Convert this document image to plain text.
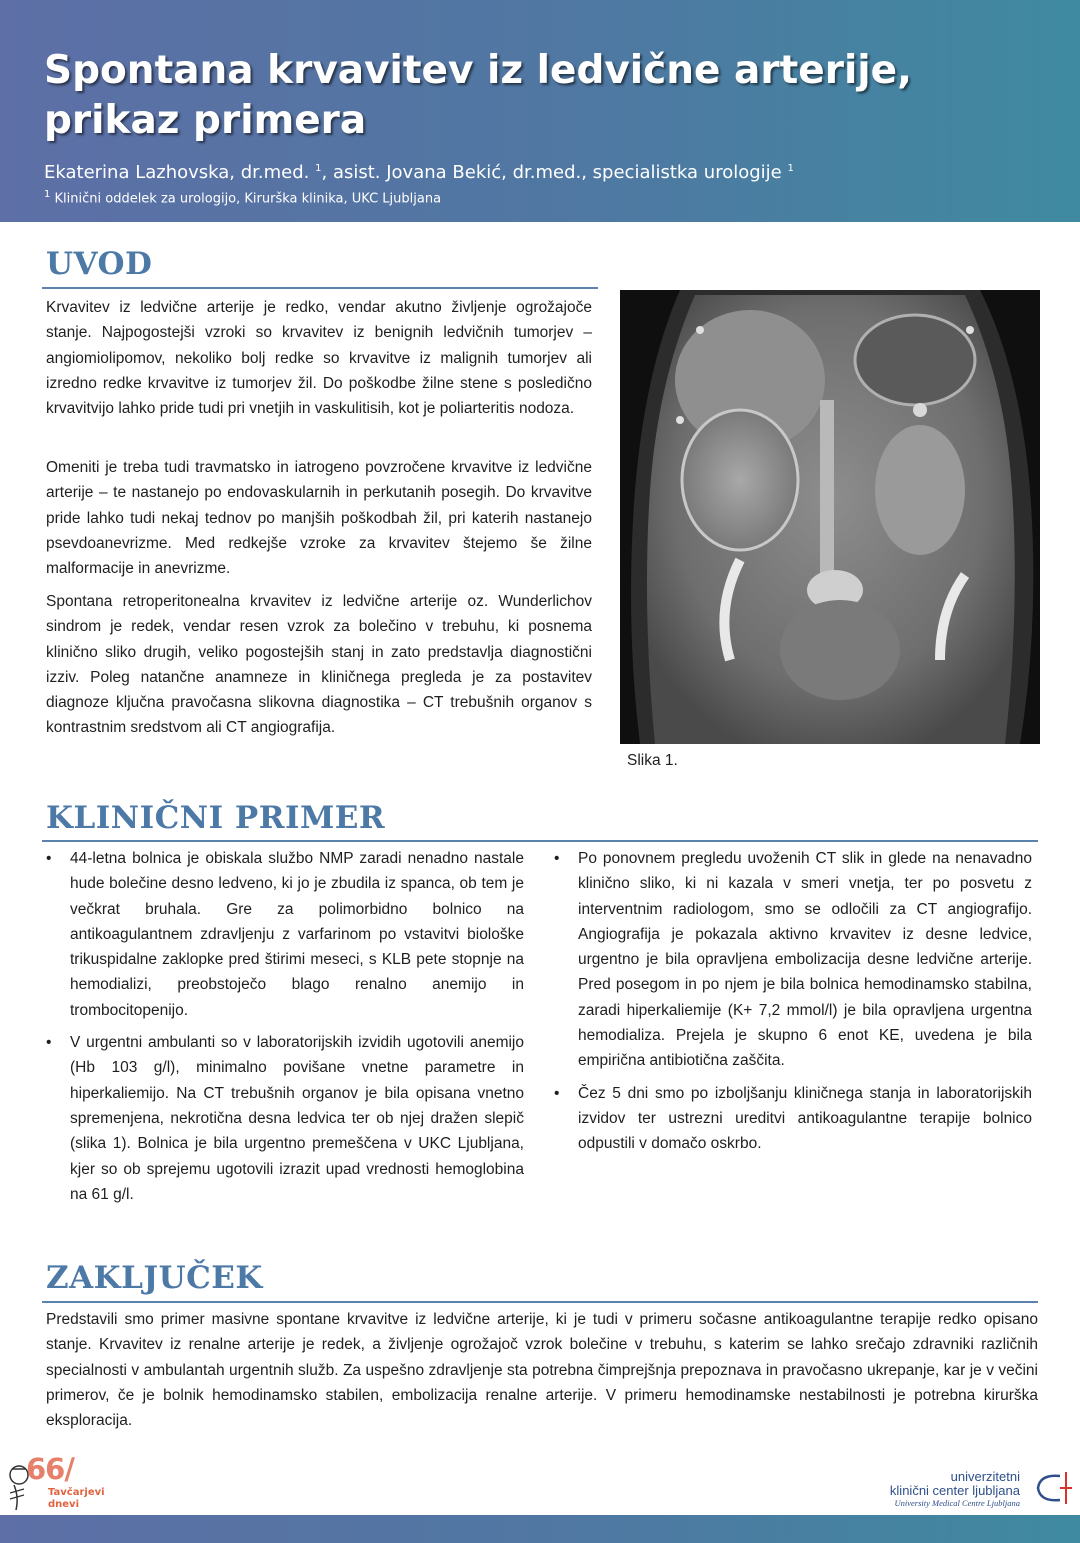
Spontana krvavitev iz ledvične arterije, prikaz primera
Ekaterina Lazhovska, dr.med. $^1$, asist. Jovana Bekić, dr.med., specialistka urologije $^1$
$^1$ Klinični oddelek za urologijo, Kirurška klinika, UKC Ljubljana
UVOD

Krvavitev iz ledvične arterije je redko, vendar akutno življenje ogrožajoče stanje. Najpogostejši vzroki so krvavitev iz benignih ledvičnih tumorjev – angiomiolipomov, nekoliko bolj redke so krvavitve iz malignih tumorjev ali izredno redke krvavitve iz tumorjev žil. Do poškodbe žilne stene s posledično krvavitvijo lahko pride tudi pri vnetjih in vaskulitisih, kot je poliarteritis nodoza.

Omeniti je treba tudi travmatsko in iatrogeno povzročene krvavitve iz ledvične arterije – te nastanejo po endovaskularnih in perkutanih posegih. Do krvavitve pride lahko tudi nekaj tednov po manjših poškodbah žil, pri katerih nastanejo psevdoanevrizme. Med redkejše vzroke za krvavitev štejemo še žilne malformacije in anevrizme.

Spontana retroperitonealna krvavitev iz ledvične arterije oz. Wunderlichov sindrom je redek, vendar resen vzrok za bolečino v trebuhu, ki posnema klinično sliko drugih, veliko pogostejših stanj in zato predstavlja diagnostični izziv. Poleg natančne anamneze in kliničnega pregleda je za postavitev diagnoze ključna pravočasna slikovna diagnostika – CT trebušnih organov s kontrastnim sredstvom ali CT angiografija.

Slika 1.
KLINIČNI PRIMER
• 44-letna bolnica je obiskala službo NMP zaradi nenadno nastale hude bolečine desno ledveno, ki jo je zbudila iz spanca, ob tem je večkrat bruhala. Gre za polimorbidno bolnico na antikoagulantnem zdravljenju z varfarinom po vstavitvi biološke trikuspidalne zaklopke pred štirimi meseci, s KLB pete stopnje na hemodializi, preobstoječo blago renalno anemijo in trombocitopenijo.
• V urgentni ambulanti so v laboratorijskih izvidih ugotovili anemijo (Hb 103 g/l), minimalno povišane vnetne parametre in hiperkaliemijo. Na CT trebušnih organov je bila opisana vnetno spremenjena, nekrotična desna ledvica ter ob njej dražen slepič (slika 1). Bolnica je bila urgentno premeščena v UKC Ljubljana, kjer so ob sprejemu ugotovili izrazit upad vrednosti hemoglobina na 61 g/l.
• Po ponovnem pregledu uvoženih CT slik in glede na nenavadno klinično sliko, ki ni kazala v smeri vnetja, ter po posvetu z interventnim radiologom, smo se odločili za CT angiografijo. Angiografija je pokazala aktivno krvavitev iz desne ledvice, urgentno je bila opravljena embolizacija desne ledvične arterije. Pred posegom in po njem je bila bolnica hemodinamsko stabilna, zaradi hiperkaliemije (K+ 7,2 mmol/l) je bila opravljena urgentna hemodializa. Prejela je skupno 6 enot KE, uvedena je bila empirična antibiotična zaščita.
• Čez 5 dni smo po izboljšanju kliničnega stanja in laboratorijskih izvidov ter ustrezni ureditvi antikoagulantne terapije bolnico odpustili v domačo oskrbo.
ZAKLJUČEK

Predstavili smo primer masivne spontane krvavitve iz ledvične arterije, ki je tudi v primeru sočasne antikoagulantne terapije redko opisano stanje. Krvavitev iz renalne arterije je redek, a življenje ogrožajoč vzrok bolečine v trebuhu, s katerim se lahko srečajo zdravniki različnih specialnosti v ambulantah urgentnih služb. Za uspešno zdravljenje sta potrebna čimprejšnja prepoznava in pravočasno ukrepanje, kar je v večini primerov, če je bolnik hemodinamsko stabilen, embolizacija renalne arterije. V primeru hemodinamske nestabilnosti je potrebna kirurška eksploracija.

66/
Tavčarjevi
dnevi
univerzitetni
klinični center ljubljana
University Medical Centre Ljubljana
